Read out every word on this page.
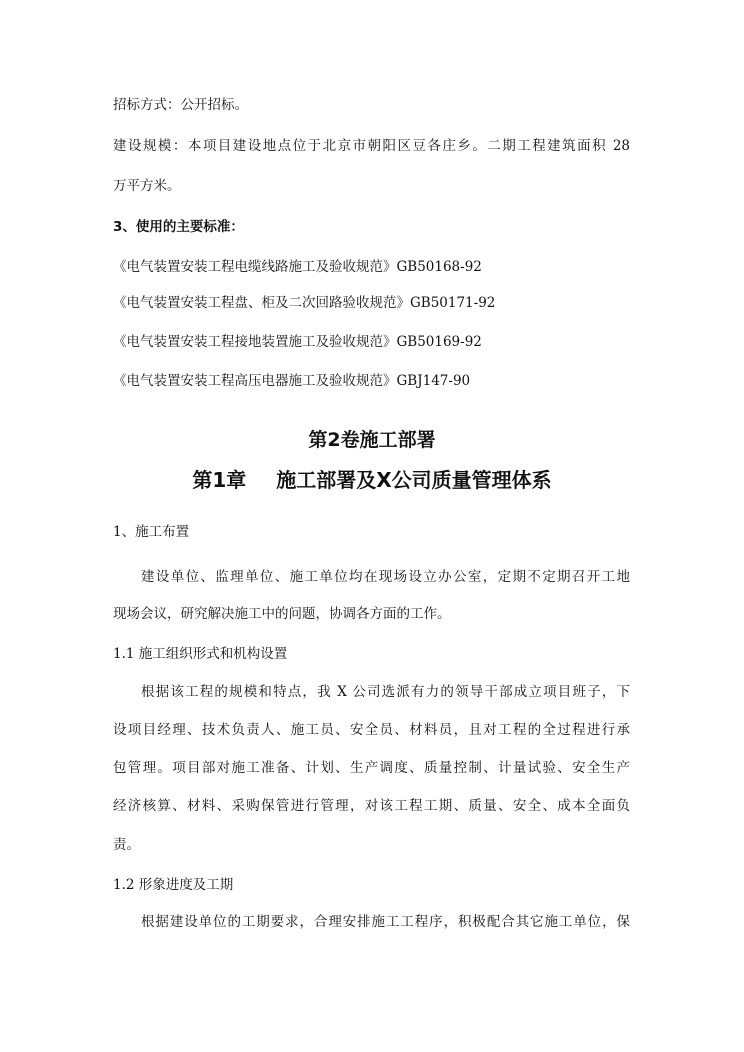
招标方式：公开招标。
建设规模：本项目建设地点位于北京市朝阳区豆各庄乡。二期工程建筑面积 28
万平方米。
3、使用的主要标准：
《电气装置安装工程电缆线路施工及验收规范》GB50168-92
《电气装置安装工程盘、柜及二次回路验收规范》GB50171-92
《电气装置安装工程接地装置施工及验收规范》GB50169-92
《电气装置安装工程高压电器施工及验收规范》GBJ147-90
第2卷施工部署
第1章 施工部署及X公司质量管理体系
1、施工布置
建设单位、监理单位、施工单位均在现场设立办公室，定期不定期召开工地
现场会议，研究解决施工中的问题，协调各方面的工作。
1.1 施工组织形式和机构设置
根据该工程的规模和特点，我 X 公司选派有力的领导干部成立项目班子，下
设项目经理、技术负责人、施工员、安全员、材料员，且对工程的全过程进行承
包管理。项目部对施工准备、计划、生产调度、质量控制、计量试验、安全生产
经济核算、材料、采购保管进行管理，对该工程工期、质量、安全、成本全面负
责。
1.2 形象进度及工期
根据建设单位的工期要求，合理安排施工工程序，积极配合其它施工单位，保
